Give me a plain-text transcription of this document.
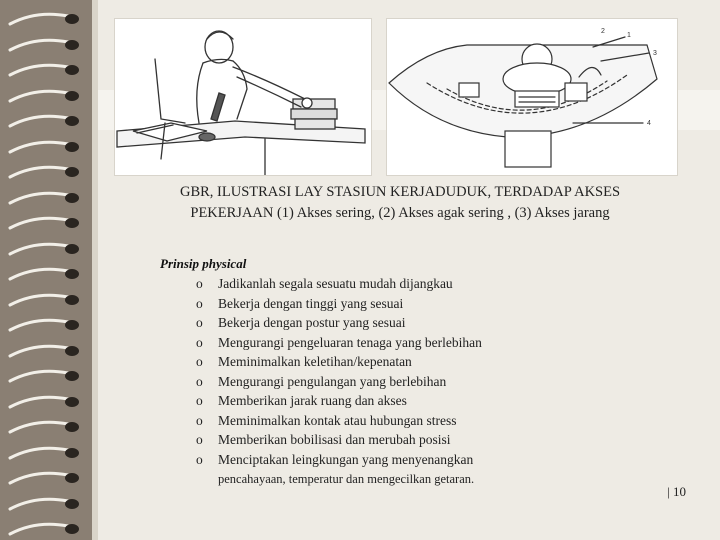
1
2
3
4
GBR, ILUSTRASI LAY STASIUN KERJADUDUK, TERDADAP AKSES
PEKERJAAN (1) Akses sering, (2) Akses agak sering , (3) Akses jarang
Prinsip physical
o Jadikanlah segala sesuatu mudah dijangkau
o Bekerja dengan tinggi yang sesuai
o Bekerja dengan postur yang sesuai
o Mengurangi pengeluaran tenaga yang berlebihan
o Meminimalkan keletihan/kepenatan
o Mengurangi pengulangan yang berlebihan
o Memberikan jarak ruang dan akses
o Meminimalkan kontak atau hubungan stress
o Memberikan bobilisasi dan merubah posisi
o Menciptakan leingkungan yang menyenangkan
pencahayaan, temperatur dan mengecilkan getaran.
| 10
